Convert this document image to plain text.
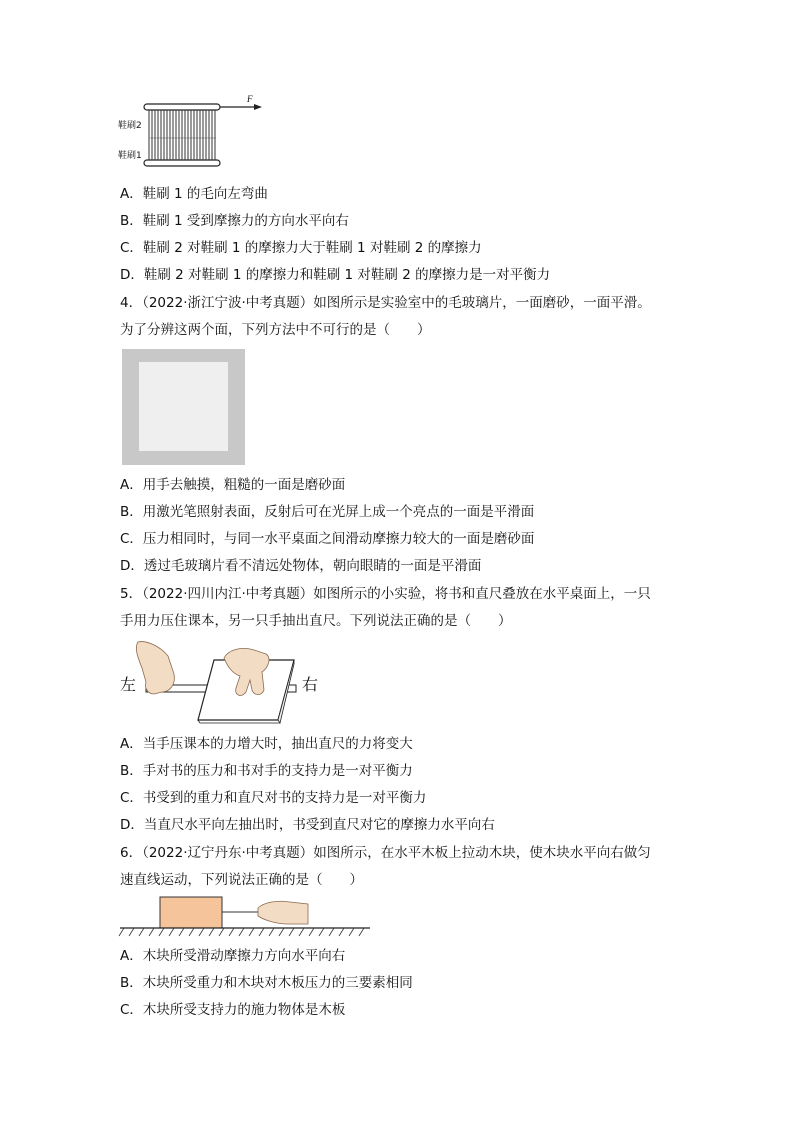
F
鞋刷2
鞋刷1
A．鞋刷 1 的毛向左弯曲
B．鞋刷 1 受到摩擦力的方向水平向右
C．鞋刷 2 对鞋刷 1 的摩擦力大于鞋刷 1 对鞋刷 2 的摩擦力
D．鞋刷 2 对鞋刷 1 的摩擦力和鞋刷 1 对鞋刷 2 的摩擦力是一对平衡力
4．（2022·浙江宁波·中考真题）如图所示是实验室中的毛玻璃片，一面磨砂，一面平滑。
为了分辨这两个面，下列方法中不可行的是（　　）
A．用手去触摸，粗糙的一面是磨砂面
B．用激光笔照射表面，反射后可在光屏上成一个亮点的一面是平滑面
C．压力相同时，与同一水平桌面之间滑动摩擦力较大的一面是磨砂面
D．透过毛玻璃片看不清远处物体，朝向眼睛的一面是平滑面
5．（2022·四川内江·中考真题）如图所示的小实验，将书和直尺叠放在水平桌面上，一只
手用力压住课本，另一只手抽出直尺。下列说法正确的是（　　）
左	右
A．当手压课本的力增大时，抽出直尺的力将变大
B．手对书的压力和书对手的支持力是一对平衡力
C．书受到的重力和直尺对书的支持力是一对平衡力
D．当直尺水平向左抽出时，书受到直尺对它的摩擦力水平向右
6．（2022·辽宁丹东·中考真题）如图所示，在水平木板上拉动木块，使木块水平向右做匀
速直线运动，下列说法正确的是（　　）
A．木块所受滑动摩擦力方向水平向右
B．木块所受重力和木块对木板压力的三要素相同
C．木块所受支持力的施力物体是木板
